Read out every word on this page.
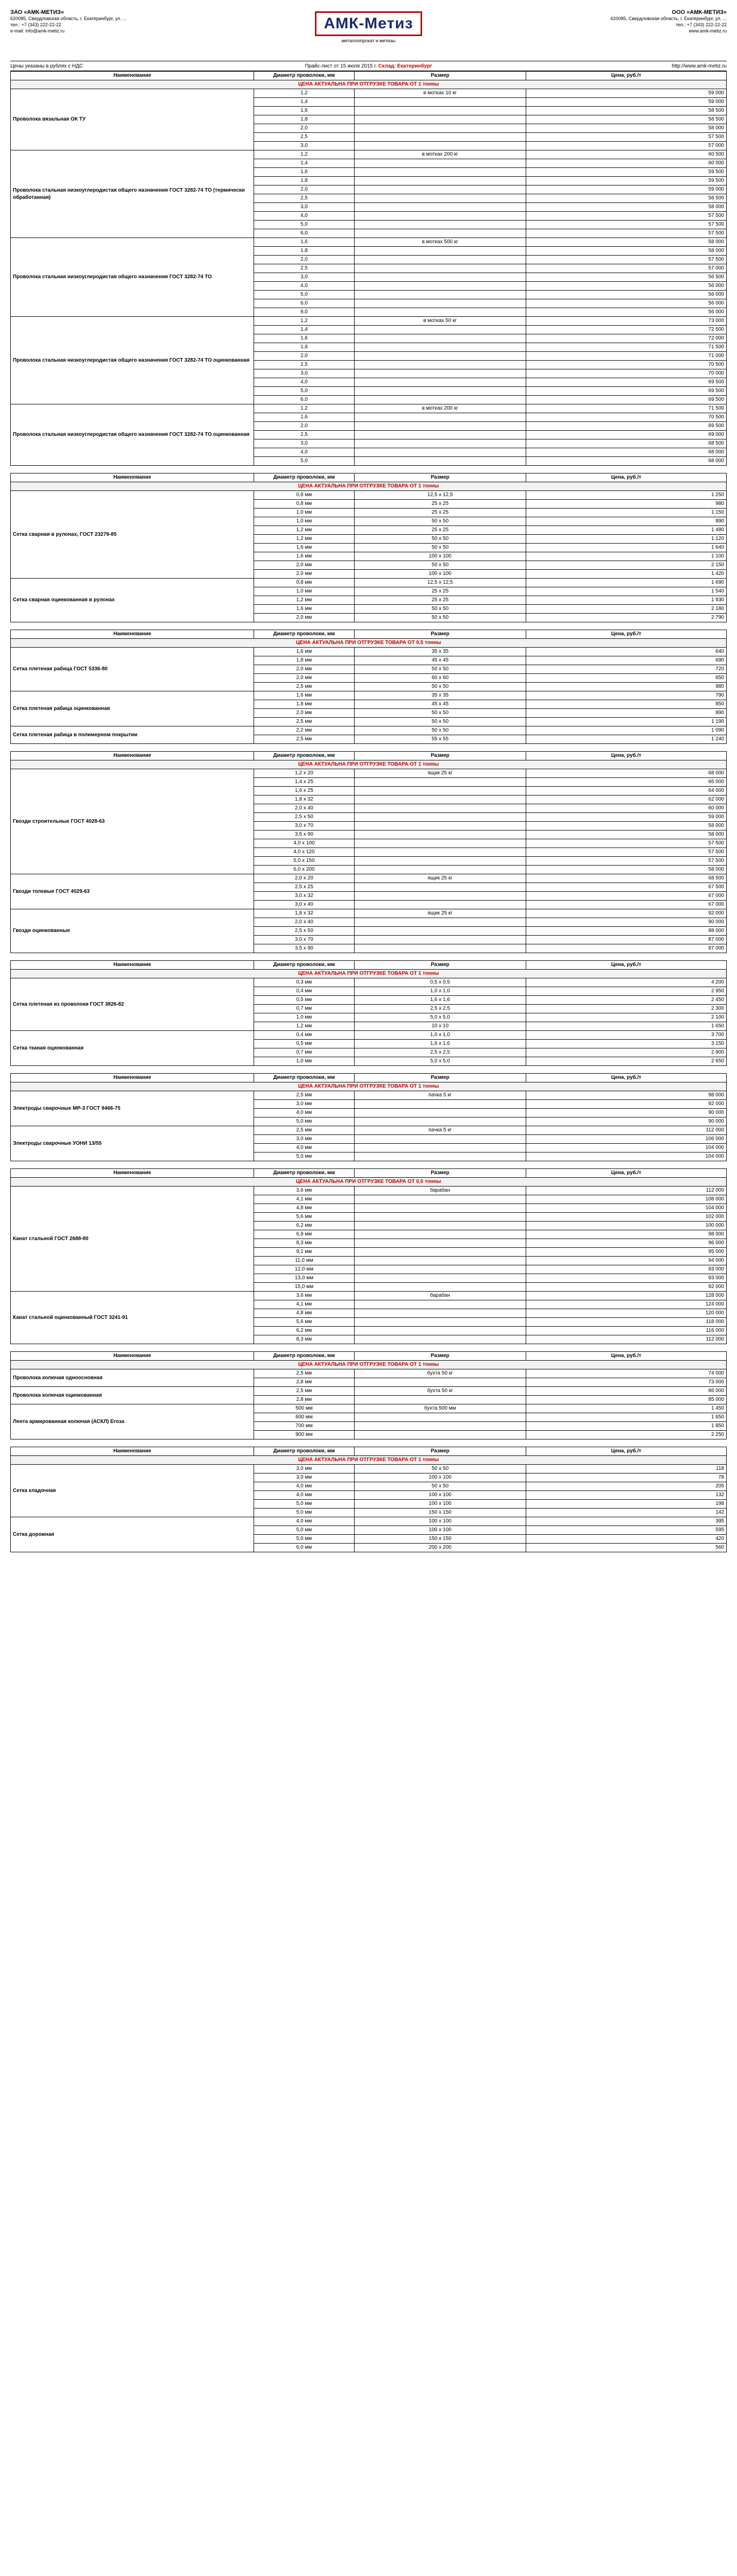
ЗАО «АМК-МЕТИЗ»
620085, Свердловская область, г. Екатеринбург, ул. ...
тел.: +7 (343) 222-22-22
e-mail: info@amk-metiz.ru	АМК-Метиз
металлопрокат и метизы
ООО «АМК-МЕТИЗ»
620085, Свердловская область, г. Екатеринбург, ул. ...
тел.: +7 (343) 222-22-22
www.amk-metiz.ru
Цены указаны в рублях с НДС	Прайс-лист от 15 июля 2015 г. Склад: Екатеринбург	http://www.amk-metiz.ru
Наименование	Диаметр проволоки, мм	Размер	Цена, руб./т
ЦЕНА АКТУАЛЬНА ПРИ ОТГРУЗКЕ ТОВАРА ОТ 1 тонны			
Проволока вязальная ОК ТУ	1,2	в мотках 10 кг	59 000
	1,4		59 000
	1,6		58 500
	1,8		58 500
	2,0		58 000
	2,5		57 500
	3,0		57 000
Проволока стальная низкоуглеродистая общего назначения ГОСТ 3282-74 ТО (термически обработанная)	1,2	в мотках 200 кг	60 500
	1,4		60 000
	1,6		59 500
	1,8		59 500
	2,0		59 000
	2,5		58 500
	3,0		58 000
	4,0		57 500
	5,0		57 500
	6,0		57 500
Проволока стальная низкоуглеродистая общего назначения ГОСТ 3282-74 ТО	1,6	в мотках 500 кг	58 000
	1,8		58 000
	2,0		57 500
	2,5		57 000
	3,0		56 500
	4,0		56 000
	5,0		56 000
	6,0		56 000
	8,0		56 000
Проволока стальная низкоуглеродистая общего назначения ГОСТ 3282-74 ТО оцинкованная	1,2	в мотках 50 кг	73 000
	1,4		72 500
	1,6		72 000
	1,8		71 500
	2,0		71 000
	2,5		70 500
	3,0		70 000
	4,0		69 500
	5,0		69 500
	6,0		69 500
Проволока стальная низкоуглеродистая общего назначения ГОСТ 3282-74 ТО оцинкованная	1,2	в мотках 200 кг	71 500
	1,6		70 500
	2,0		69 500
	2,5		69 000
	3,0		68 500
	4,0		68 000
	5,0		68 000
Наименование	Диаметр проволоки, мм	Размер	Цена, руб./т
ЦЕНА АКТУАЛЬНА ПРИ ОТГРУЗКЕ ТОВАРА ОТ 1 тонны			
Сетка сварная в рулонах, ГОСТ 23279-85	0,8 мм	12,5 х 12,5	1 250
	0,8 мм	25 х 25	980
	1,0 мм	25 х 25	1 150
	1,0 мм	50 х 50	890
	1,2 мм	25 х 25	1 480
	1,2 мм	50 х 50	1 120
	1,6 мм	50 х 50	1 640
	1,6 мм	100 х 100	1 100
	2,0 мм	50 х 50	2 150
	2,0 мм	100 х 100	1 420
Сетка сварная оцинкованная в рулонах	0,8 мм	12,5 х 12,5	1 690
	1,0 мм	25 х 25	1 540
	1,2 мм	25 х 25	1 930
	1,6 мм	50 х 50	2 180
	2,0 мм	50 х 50	2 790
Наименование	Диаметр проволоки, мм	Размер	Цена, руб./т
ЦЕНА АКТУАЛЬНА ПРИ ОТГРУЗКЕ ТОВАРА ОТ 0,5 тонны			
Сетка плетеная рабица ГОСТ 5336-80	1,6 мм	35 х 35	640
	1,8 мм	45 х 45	690
	2,0 мм	50 х 50	720
	2,0 мм	60 х 60	650
	2,5 мм	50 х 50	980
Сетка плетеная рабица оцинкованная	1,6 мм	35 х 35	790
	1,8 мм	45 х 45	850
	2,0 мм	50 х 50	890
	2,5 мм	50 х 50	1 190
Сетка плетеная рабица в полимерном покрытии	2,2 мм	50 х 50	1 090
	2,5 мм	55 х 55	1 240
Наименование	Диаметр проволоки, мм	Размер	Цена, руб./т
ЦЕНА АКТУАЛЬНА ПРИ ОТГРУЗКЕ ТОВАРА ОТ 1 тонны			
Гвозди строительные ГОСТ 4028-63	1,2 х 20	ящик 25 кг	68 000
	1,4 х 25		66 000
	1,6 х 25		64 000
	1,8 х 32		62 000
	2,0 х 40		60 000
	2,5 х 50		59 000
	3,0 х 70		58 000
	3,5 х 90		58 000
	4,0 х 100		57 500
	4,0 х 120		57 500
	5,0 х 150		57 500
	6,0 х 200		58 000
Гвозди толевые ГОСТ 4029-63	2,0 х 20	ящик 25 кг	68 500
	2,5 х 25		67 500
	3,0 х 32		67 000
	3,0 х 40		67 000
Гвозди оцинкованные	1,8 х 32	ящик 25 кг	92 000
	2,0 х 40		90 000
	2,5 х 50		88 000
	3,0 х 70		87 000
	3,5 х 90		87 000
Наименование	Диаметр проволоки, мм	Размер	Цена, руб./т
ЦЕНА АКТУАЛЬНА ПРИ ОТГРУЗКЕ ТОВАРА ОТ 1 тонны			
Сетка плетеная из проволоки ГОСТ 3826-82	0,3 мм	0,5 х 0,5	4 200
	0,4 мм	1,0 х 1,0	2 950
	0,5 мм	1,6 х 1,6	2 450
	0,7 мм	2,5 х 2,5	2 300
	1,0 мм	5,0 х 5,0	2 100
	1,2 мм	10 х 10	1 650
Сетка тканая оцинкованная	0,4 мм	1,0 х 1,0	3 700
	0,5 мм	1,6 х 1,6	3 150
	0,7 мм	2,5 х 2,5	2 900
	1,0 мм	5,0 х 5,0	2 650
Наименование	Диаметр проволоки, мм	Размер	Цена, руб./т
ЦЕНА АКТУАЛЬНА ПРИ ОТГРУЗКЕ ТОВАРА ОТ 1 тонны			
Электроды сварочные МР-3 ГОСТ 9466-75	2,5 мм	пачка 5 кг	98 000
	3,0 мм		92 000
	4,0 мм		90 000
	5,0 мм		90 000
Электроды сварочные УОНИ 13/55	2,5 мм	пачка 5 кг	112 000
	3,0 мм		106 000
	4,0 мм		104 000
	5,0 мм		104 000
Наименование	Диаметр проволоки, мм	Размер	Цена, руб./т
ЦЕНА АКТУАЛЬНА ПРИ ОТГРУЗКЕ ТОВАРА ОТ 0,5 тонны			
Канат стальной ГОСТ 2688-80	3,6 мм	барабан	112 000
	4,1 мм		108 000
	4,8 мм		104 000
	5,6 мм		102 000
	6,2 мм		100 000
	6,9 мм		98 000
	8,3 мм		96 000
	9,1 мм		95 000
	11,0 мм		94 000
	12,0 мм		93 000
	13,0 мм		93 000
	15,0 мм		92 000
Канат стальной оцинкованный ГОСТ 3241-91	3,6 мм	барабан	128 000
	4,1 мм		124 000
	4,8 мм		120 000
	5,6 мм		118 000
	6,2 мм		116 000
	8,3 мм		112 000
Наименование	Диаметр проволоки, мм	Размер	Цена, руб./т
ЦЕНА АКТУАЛЬНА ПРИ ОТГРУЗКЕ ТОВАРА ОТ 1 тонны			
Проволока колючая одноосновная	2,5 мм	бухта 50 кг	74 000
	2,8 мм		73 000
Проволока колючая оцинкованная	2,5 мм	бухта 50 кг	86 000
	2,8 мм		85 000
Лента армированная колючая (АСКЛ) Егоза	500 мм	бухта 500 мм	1 450
	600 мм		1 650
	700 мм		1 850
	900 мм		2 250
Наименование	Диаметр проволоки, мм	Размер	Цена, руб./т
ЦЕНА АКТУАЛЬНА ПРИ ОТГРУЗКЕ ТОВАРА ОТ 1 тонны			
Сетка кладочная	3,0 мм	50 х 50	118
	3,0 мм	100 х 100	78
	4,0 мм	50 х 50	205
	4,0 мм	100 х 100	132
	5,0 мм	100 х 100	198
	5,0 мм	150 х 150	142
Сетка дорожная	4,0 мм	100 х 100	395
	5,0 мм	100 х 100	595
	5,0 мм	150 х 150	420
	6,0 мм	200 х 200	560
